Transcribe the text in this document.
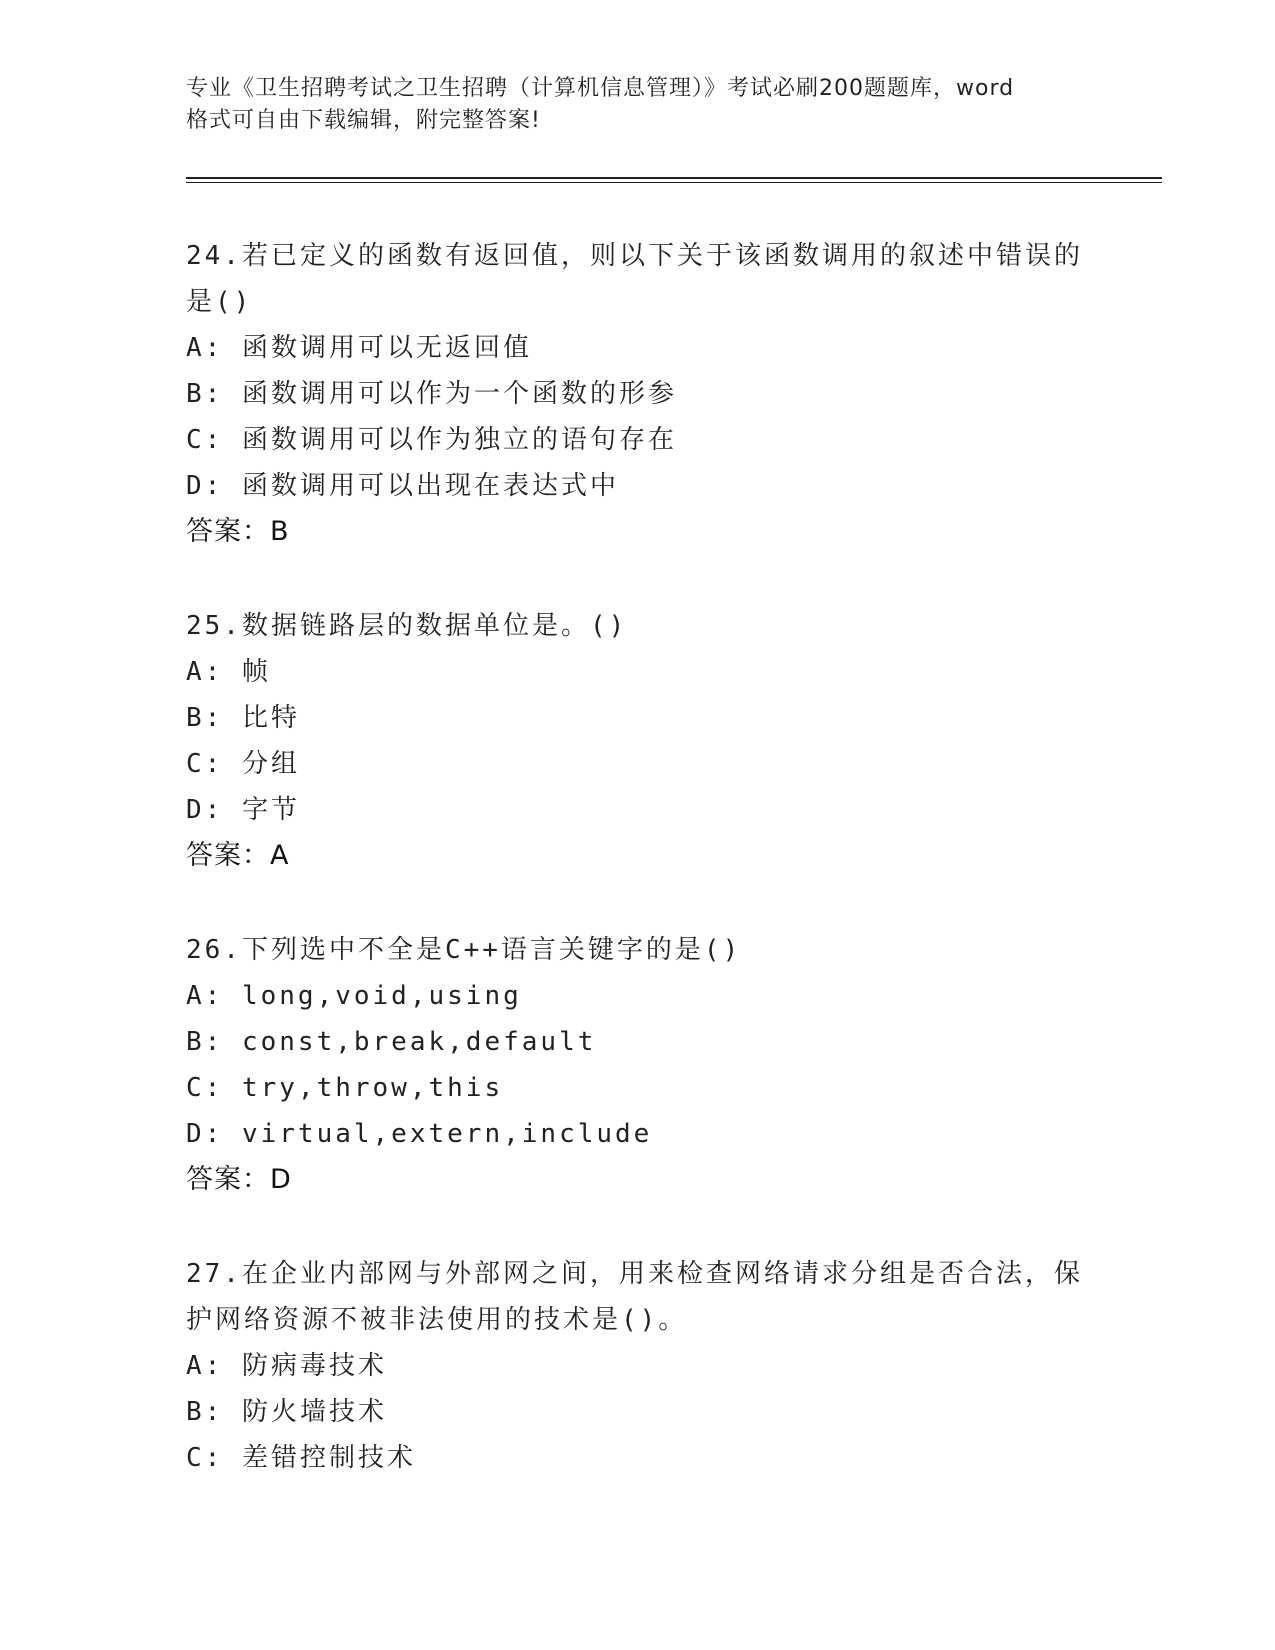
专业《卫生招聘考试之卫生招聘（计算机信息管理）》考试必刷200题题库，word
格式可自由下载编辑，附完整答案!
24.若已定义的函数有返回值，则以下关于该函数调用的叙述中错误的
是()
A: 函数调用可以无返回值
B: 函数调用可以作为一个函数的形参
C: 函数调用可以作为独立的语句存在
D: 函数调用可以出现在表达式中
答案：B
25.数据链路层的数据单位是。()
A: 帧
B: 比特
C: 分组
D: 字节
答案：A
26.下列选中不全是C++语言关键字的是()
A: long,void,using
B: const,break,default
C: try,throw,this
D: virtual,extern,include
答案：D
27.在企业内部网与外部网之间，用来检查网络请求分组是否合法，保
护网络资源不被非法使用的技术是()。
A: 防病毒技术
B: 防火墙技术
C: 差错控制技术
